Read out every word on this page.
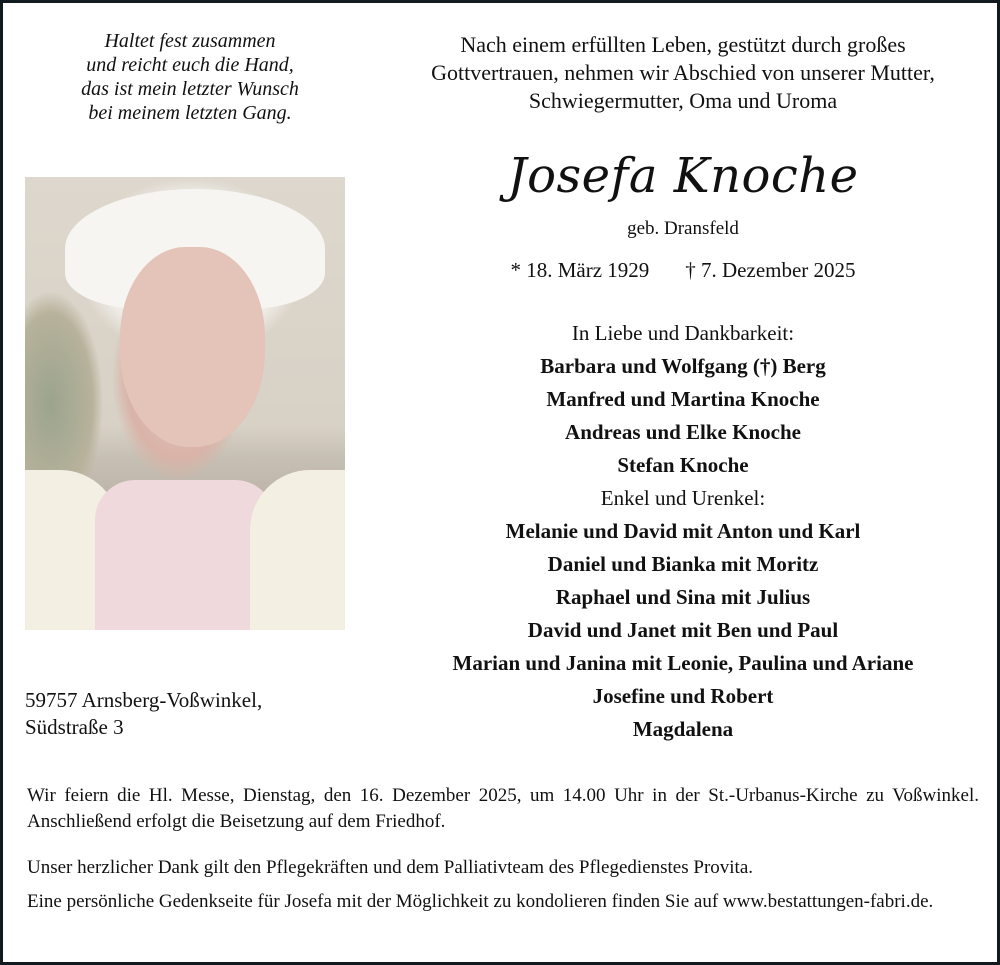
Haltet fest zusammen
und reicht euch die Hand,
das ist mein letzter Wunsch
bei meinem letzten Gang.
Nach einem erfüllten Leben, gestützt durch großes
Gottvertrauen, nehmen wir Abschied von unserer Mutter,
Schwiegermutter, Oma und Uroma
Josefa Knoche
geb. Dransfeld
* 18. März 1929 † 7. Dezember 2025
In Liebe und Dankbarkeit:
Barbara und Wolfgang (†) Berg
Manfred und Martina Knoche
Andreas und Elke Knoche
Stefan Knoche
Enkel und Urenkel:
Melanie und David mit Anton und Karl
Daniel und Bianka mit Moritz
Raphael und Sina mit Julius
David und Janet mit Ben und Paul
Marian und Janina mit Leonie, Paulina und Ariane
Josefine und Robert
Magdalena
59757 Arnsberg-Voßwinkel,
Südstraße 3

Wir feiern die Hl. Messe, Dienstag, den 16. Dezember 2025, um 14.00 Uhr in der St.-Urbanus-Kirche zu Voßwinkel. Anschließend erfolgt die Beisetzung auf dem Friedhof.

Unser herzlicher Dank gilt den Pflegekräften und dem Palliativteam des Pflegedienstes Provita.

Eine persönliche Gedenkseite für Josefa mit der Möglichkeit zu kondolieren finden Sie auf www.bestattungen-fabri.de.
